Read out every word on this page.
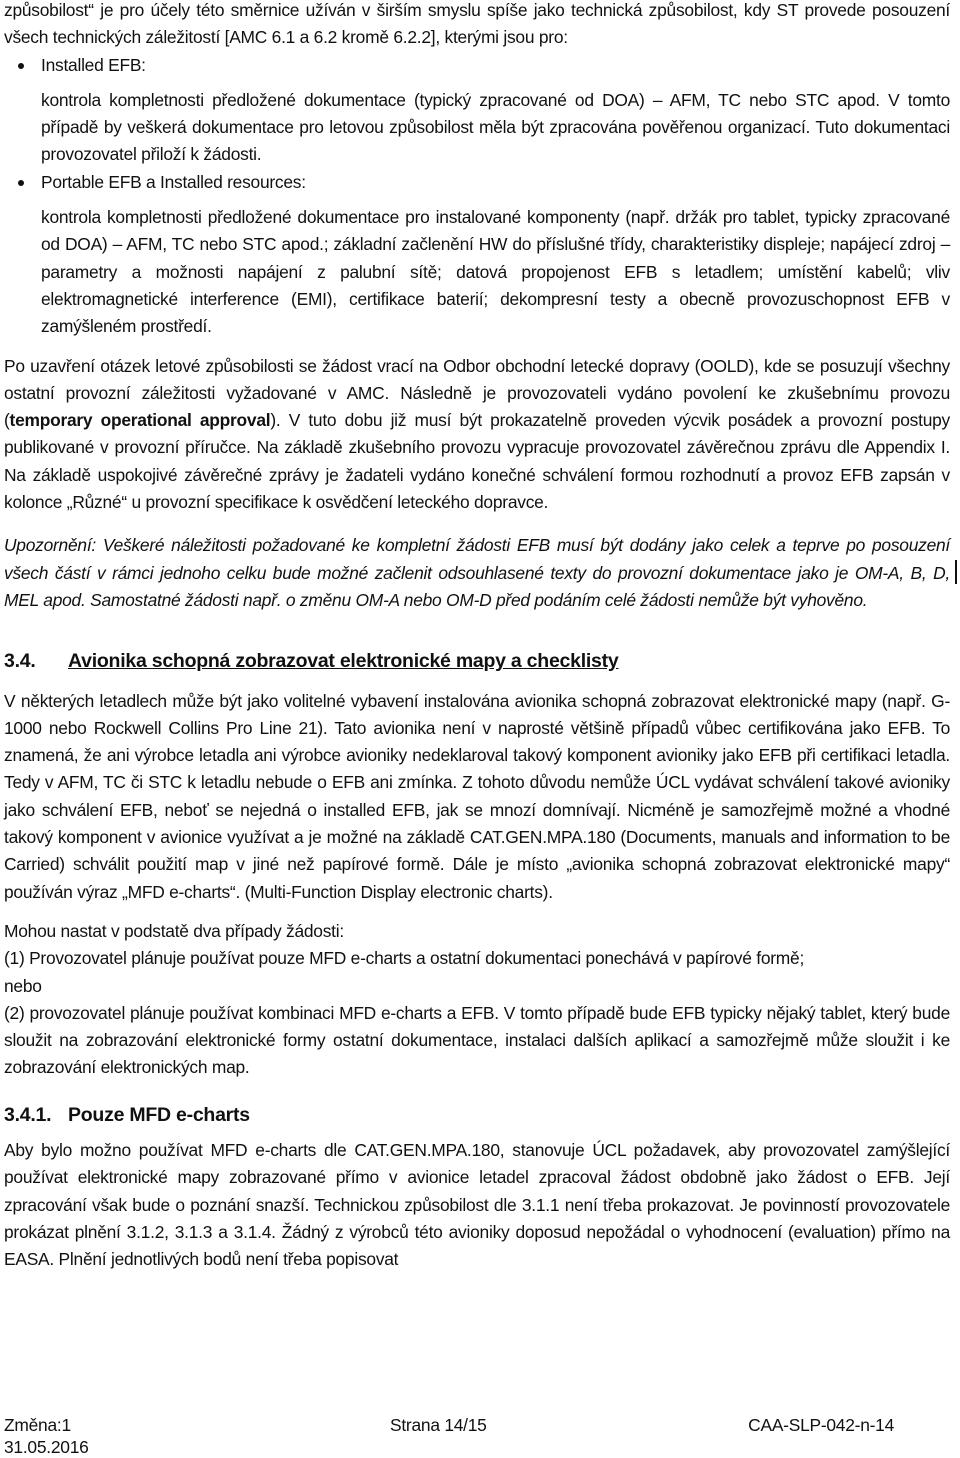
způsobilost“ je pro účely této směrnice užíván v širším smyslu spíše jako technická způsobilost, kdy ST provede posouzení všech technických záležitostí [AMC 6.1 a 6.2 kromě 6.2.2], kterými jsou pro:

Installed EFB:

kontrola kompletnosti předložené dokumentace (typický zpracované od DOA) – AFM, TC nebo STC apod. V tomto případě by veškerá dokumentace pro letovou způsobilost měla být zpracována pověřenou organizací. Tuto dokumentaci provozovatel přiloží k žádosti.

Portable EFB a Installed resources:

kontrola kompletnosti předložené dokumentace pro instalované komponenty (např. držák pro tablet, typicky zpracované od DOA) – AFM, TC nebo STC apod.; základní začlenění HW do příslušné třídy, charakteristiky displeje; napájecí zdroj – parametry a možnosti napájení z palubní sítě; datová propojenost EFB s letadlem; umístění kabelů; vliv elektromagnetické interference (EMI), certifikace baterií; dekompresní testy a obecně provozuschopnost EFB v zamýšleném prostředí.

Po uzavření otázek letové způsobilosti se žádost vrací na Odbor obchodní letecké dopravy (OOLD), kde se posuzují všechny ostatní provozní záležitosti vyžadované v AMC. Následně je provozovateli vydáno povolení ke zkušebnímu provozu (temporary operational approval). V tuto dobu již musí být prokazatelně proveden výcvik posádek a provozní postupy publikované v provozní příručce. Na základě zkušebního provozu vypracuje provozovatel závěrečnou zprávu dle Appendix I. Na základě uspokojivé závěrečné zprávy je žadateli vydáno konečné schválení formou rozhodnutí a provoz EFB zapsán v kolonce „Různé“ u provozní specifikace k osvědčení leteckého dopravce.

Upozornění: Veškeré náležitosti požadované ke kompletní žádosti EFB musí být dodány jako celek a teprve po posouzení všech částí v rámci jednoho celku bude možné začlenit odsouhlasené texty do provozní dokumentace jako je OM-A, B, D, MEL apod. Samostatné žádosti např. o změnu OM-A nebo OM-D před podáním celé žádosti nemůže být vyhověno.

3.4.	Avionika schopná zobrazovat elektronické mapy a checklisty

V některých letadlech může být jako volitelné vybavení instalována avionika schopná zobrazovat elektronické mapy (např. G-1000 nebo Rockwell Collins Pro Line 21). Tato avionika není v naprosté většině případů vůbec certifikována jako EFB. To znamená, že ani výrobce letadla ani výrobce avioniky nedeklaroval takový komponent avioniky jako EFB při certifikaci letadla. Tedy v AFM, TC či STC k letadlu nebude o EFB ani zmínka. Z tohoto důvodu nemůže ÚCL vydávat schválení takové avioniky jako schválení EFB, neboť se nejedná o installed EFB, jak se mnozí domnívají. Nicméně je samozřejmě možné a vhodné takový komponent v avionice využívat a je možné na základě CAT.GEN.MPA.180 (Documents, manuals and information to be Carried) schválit použití map v jiné než papírové formě. Dále je místo „avionika schopná zobrazovat elektronické mapy“ používán výraz „MFD e-charts“. (Multi-Function Display electronic charts).

Mohou nastat v podstatě dva případy žádosti:

(1) Provozovatel plánuje používat pouze MFD e-charts a ostatní dokumentaci ponechává v papírové formě;

nebo

(2) provozovatel plánuje používat kombinaci MFD e-charts a EFB. V tomto případě bude EFB typicky nějaký tablet, který bude sloužit na zobrazování elektronické formy ostatní dokumentace, instalaci dalších aplikací a samozřejmě může sloužit i ke zobrazování elektronických map.

3.4.1. Pouze MFD e-charts

Aby bylo možno používat MFD e-charts dle CAT.GEN.MPA.180, stanovuje ÚCL požadavek, aby provozovatel zamýšlející používat elektronické mapy zobrazované přímo v avionice letadel zpracoval žádost obdobně jako žádost o EFB. Její zpracování však bude o poznání snazší. Technickou způsobilost dle 3.1.1 není třeba prokazovat. Je povinností provozovatele prokázat plnění 3.1.2, 3.1.3 a 3.1.4. Žádný z výrobců této avioniky doposud nepožádal o vyhodnocení (evaluation) přímo na EASA. Plnění jednotlivých bodů není třeba popisovat

Změna:1	Strana 14/15	CAA-SLP-042-n-14
31.05.2016
